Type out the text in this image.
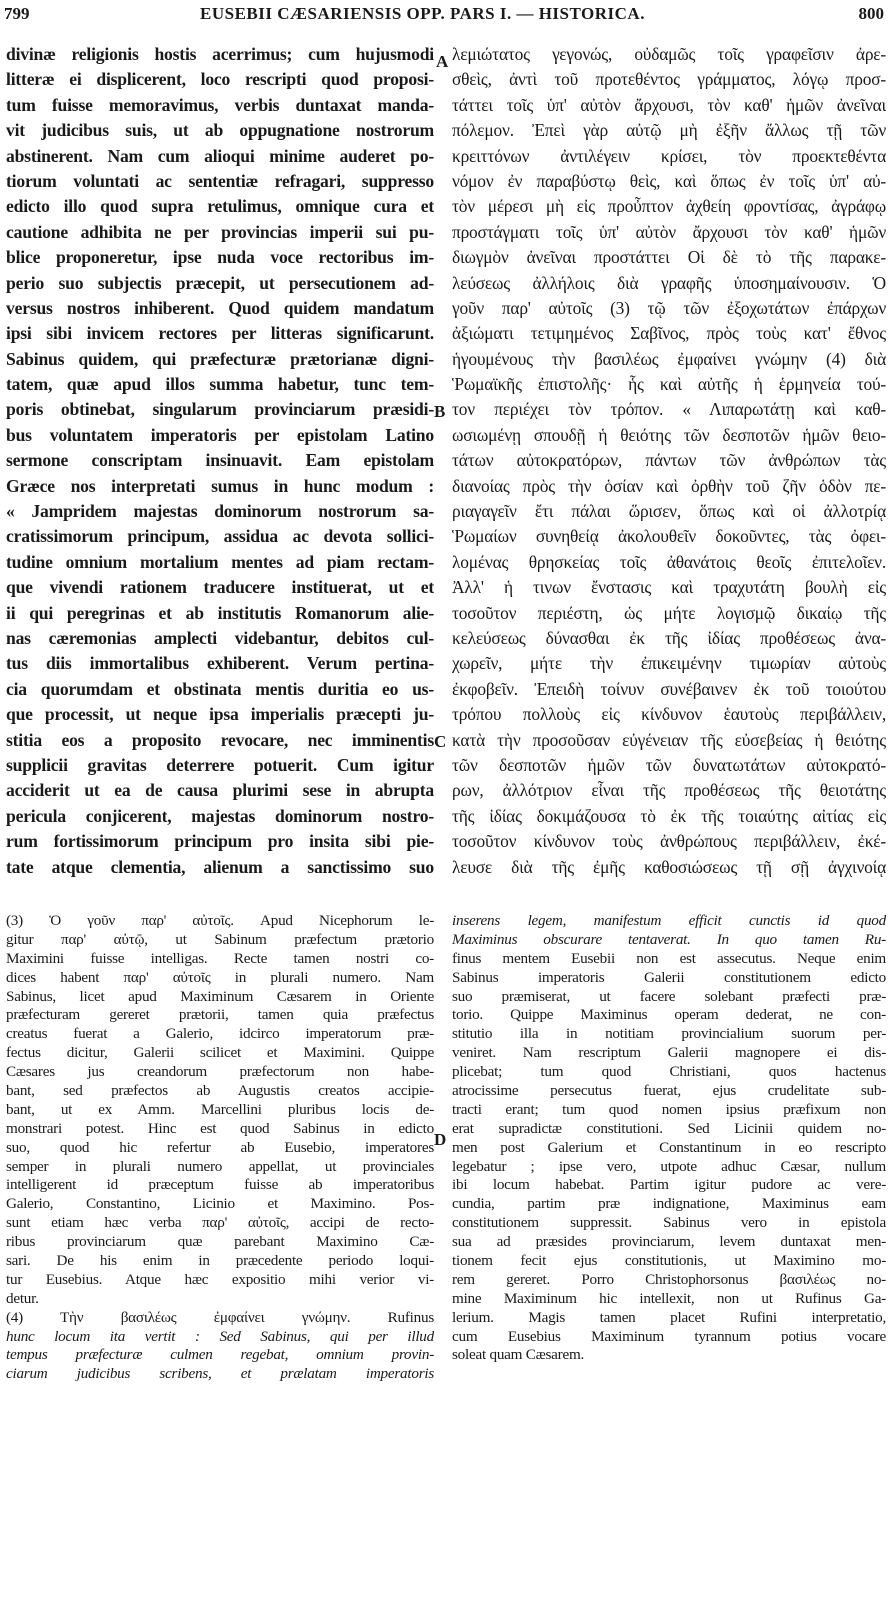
799	EUSEBII CÆSARIENSIS OPP. PARS I. — HISTORICA.	800
A
B
C
D
divinæ religionis hostis acerrimus; cum hujusmodi
litteræ ei displicerent, loco rescripti quod proposi-
tum fuisse memoravimus, verbis duntaxat manda-
vit judicibus suis, ut ab oppugnatione nostrorum
abstinerent. Nam cum alioqui minime auderet po-
tiorum voluntati ac sententiæ refragari, suppresso
edicto illo quod supra retulimus, omnique cura et
cautione adhibita ne per provincias imperii sui pu-
blice proponeretur, ipse nuda voce rectoribus im-
perio suo subjectis præcepit, ut persecutionem ad-
versus nostros inhiberent. Quod quidem mandatum
ipsi sibi invicem rectores per litteras significarunt.
Sabinus quidem, qui præfecturæ prætorianæ digni-
tatem, quæ apud illos summa habetur, tunc tem-
poris obtinebat, singularum provinciarum præsidi-
bus voluntatem imperatoris per epistolam Latino
sermone conscriptam insinuavit. Eam epistolam
Græce nos interpretati sumus in hunc modum :
« Jampridem majestas dominorum nostrorum sa-
cratissimorum principum, assidua ac devota sollici-
tudine omnium mortalium mentes ad piam rectam-
que vivendi rationem traducere instituerat, ut et
ii qui peregrinas et ab institutis Romanorum alie-
nas cæremonias amplecti videbantur, debitos cul-
tus diis immortalibus exhiberent. Verum pertina-
cia quorumdam et obstinata mentis duritia eo us-
que processit, ut neque ipsa imperialis præcepti ju-
stitia eos a proposito revocare, nec imminentis
supplicii gravitas deterrere potuerit. Cum igitur
acciderit ut ea de causa plurimi sese in abrupta
pericula conjicerent, majestas dominorum nostro-
rum fortissimorum principum pro insita sibi pie-
tate atque clementia, alienum a sanctissimo suo
λεμιώτατος γεγονώς, οὐδαμῶς τοῖς γραφεῖσιν ἀρε-
σθεὶς, ἀντὶ τοῦ προτεθέντος γράμματος, λόγῳ προσ-
τάττει τοῖς ὑπ' αὐτὸν ἄρχουσι, τὸν καθ' ἡμῶν ἀνεῖναι
πόλεμον. Ἐπεὶ γὰρ αὐτῷ μὴ ἐξῆν ἄλλως τῇ τῶν
κρειττόνων ἀντιλέγειν κρίσει, τὸν προεκτεθέντα
νόμον ἐν παραβύστῳ θεὶς, καὶ ὅπως ἐν τοῖς ὑπ' αὐ-
τὸν μέρεσι μὴ εἰς προὖπτον ἀχθείη φροντίσας, ἀγράφῳ
προστάγματι τοῖς ὑπ' αὐτὸν ἄρχουσι τὸν καθ' ἡμῶν
διωγμὸν ἀνεῖναι προστάττει Οἱ δὲ τὸ τῆς παρακε-
λεύσεως ἀλλήλοις διὰ γραφῆς ὑποσημαίνουσιν. Ὁ
γοῦν παρ' αὐτοῖς (3) τῷ τῶν ἐξοχωτάτων ἐπάρχων
ἀξιώματι τετιμημένος Σαβῖνος, πρὸς τοὺς κατ' ἔθνος
ἡγουμένους τὴν βασιλέως ἐμφαίνει γνώμην (4) διὰ
Ῥωμαϊκῆς ἐπιστολῆς· ἧς καὶ αὐτῆς ἡ ἑρμηνεία τού-
τον περιέχει τὸν τρόπον. « Λιπαρωτάτῃ καὶ καθ-
ωσιωμένῃ σπουδῇ ἡ θειότης τῶν δεσποτῶν ἡμῶν θειο-
τάτων αὐτοκρατόρων, πάντων τῶν ἀνθρώπων τὰς
διανοίας πρὸς τὴν ὁσίαν καὶ ὀρθὴν τοῦ ζῆν ὁδὸν πε-
ριαγαγεῖν ἔτι πάλαι ὥρισεν, ὅπως καὶ οἱ ἀλλοτρίᾳ
Ῥωμαίων συνηθείᾳ ἀκολουθεῖν δοκοῦντες, τὰς ὀφει-
λομένας θρησκείας τοῖς ἀθανάτοις θεοῖς ἐπιτελοῖεν.
Ἀλλ' ἡ τινων ἔνστασις καὶ τραχυτάτη βουλὴ εἰς
τοσοῦτον περιέστη, ὡς μήτε λογισμῷ δικαίῳ τῆς
κελεύσεως δύνασθαι ἐκ τῆς ἰδίας προθέσεως ἀνα-
χωρεῖν, μήτε τὴν ἐπικειμένην τιμωρίαν αὐτοὺς
ἐκφοβεῖν. Ἐπειδὴ τοίνυν συνέβαινεν ἐκ τοῦ τοιούτου
τρόπου πολλοὺς εἰς κίνδυνον ἑαυτοὺς περιβάλλειν,
κατὰ τὴν προσοῦσαν εὐγένειαν τῆς εὐσεβείας ἡ θειότης
τῶν δεσποτῶν ἡμῶν τῶν δυνατωτάτων αὐτοκρατό-
ρων, ἀλλότριον εἶναι τῆς προθέσεως τῆς θειοτάτης
τῆς ἰδίας δοκιμάζουσα τὸ ἐκ τῆς τοιαύτης αἰτίας εἰς
τοσοῦτον κίνδυνον τοὺς ἀνθρώπους περιβάλλειν, ἐκέ-
λευσε διὰ τῆς ἐμῆς καθοσιώσεως τῇ σῇ ἀγχινοίᾳ
(3) Ὁ γοῦν παρ' αὐτοῖς. Apud Nicephorum le-
gitur παρ' αὐτῷ, ut Sabinum præfectum prætorio
Maximini fuisse intelligas. Recte tamen nostri co-
dices habent παρ' αὐτοῖς in plurali numero. Nam
Sabinus, licet apud Maximinum Cæsarem in Oriente
præfecturam gereret prætorii, tamen quia præfectus
creatus fuerat a Galerio, idcirco imperatorum præ-
fectus dicitur, Galerii scilicet et Maximini. Quippe
Cæsares jus creandorum præfectorum non habe-
bant, sed præfectos ab Augustis creatos accipie-
bant, ut ex Amm. Marcellini pluribus locis de-
monstrari potest. Hinc est quod Sabinus in edicto
suo, quod hic refertur ab Eusebio, imperatores
semper in plurali numero appellat, ut provinciales
intelligerent id præceptum fuisse ab imperatoribus
Galerio, Constantino, Licinio et Maximino. Pos-
sunt etiam hæc verba παρ' αὐτοῖς, accipi de recto-
ribus provinciarum quæ parebant Maximino Cæ-
sari. De his enim in præcedente periodo loqui-
tur Eusebius. Atque hæc expositio mihi verior vi-
detur.
(4) Τὴν βασιλέως ἐμφαίνει γνώμην. Rufinus
hunc locum ita vertit : Sed Sabinus, qui per illud
tempus præfecturæ culmen regebat, omnium provin-
ciarum judicibus scribens, et prælatam imperatoris
inserens legem, manifestum efficit cunctis id quod
Maximinus obscurare tentaverat. In quo tamen Ru-
finus mentem Eusebii non est assecutus. Neque enim
Sabinus imperatoris Galerii constitutionem edicto
suo præmiserat, ut facere solebant præfecti præ-
torio. Quippe Maximinus operam dederat, ne con-
stitutio illa in notitiam provincialium suorum per-
veniret. Nam rescriptum Galerii magnopere ei dis-
plicebat; tum quod Christiani, quos hactenus
atrocissime persecutus fuerat, ejus crudelitate sub-
tracti erant; tum quod nomen ipsius præfixum non
erat supradictæ constitutioni. Sed Licinii quidem no-
men post Galerium et Constantinum in eo rescripto
legebatur ; ipse vero, utpote adhuc Cæsar, nullum
ibi locum habebat. Partim igitur pudore ac vere-
cundia, partim præ indignatione, Maximinus eam
constitutionem suppressit. Sabinus vero in epistola
sua ad præsides provinciarum, levem duntaxat men-
tionem fecit ejus constitutionis, ut Maximino mo-
rem gereret. Porro Christophorsonus βασιλέως no-
mine Maximinum hic intellexit, non ut Rufinus Ga-
lerium. Magis tamen placet Rufini interpretatio,
cum Eusebius Maximinum tyrannum potius vocare
soleat quam Cæsarem.
